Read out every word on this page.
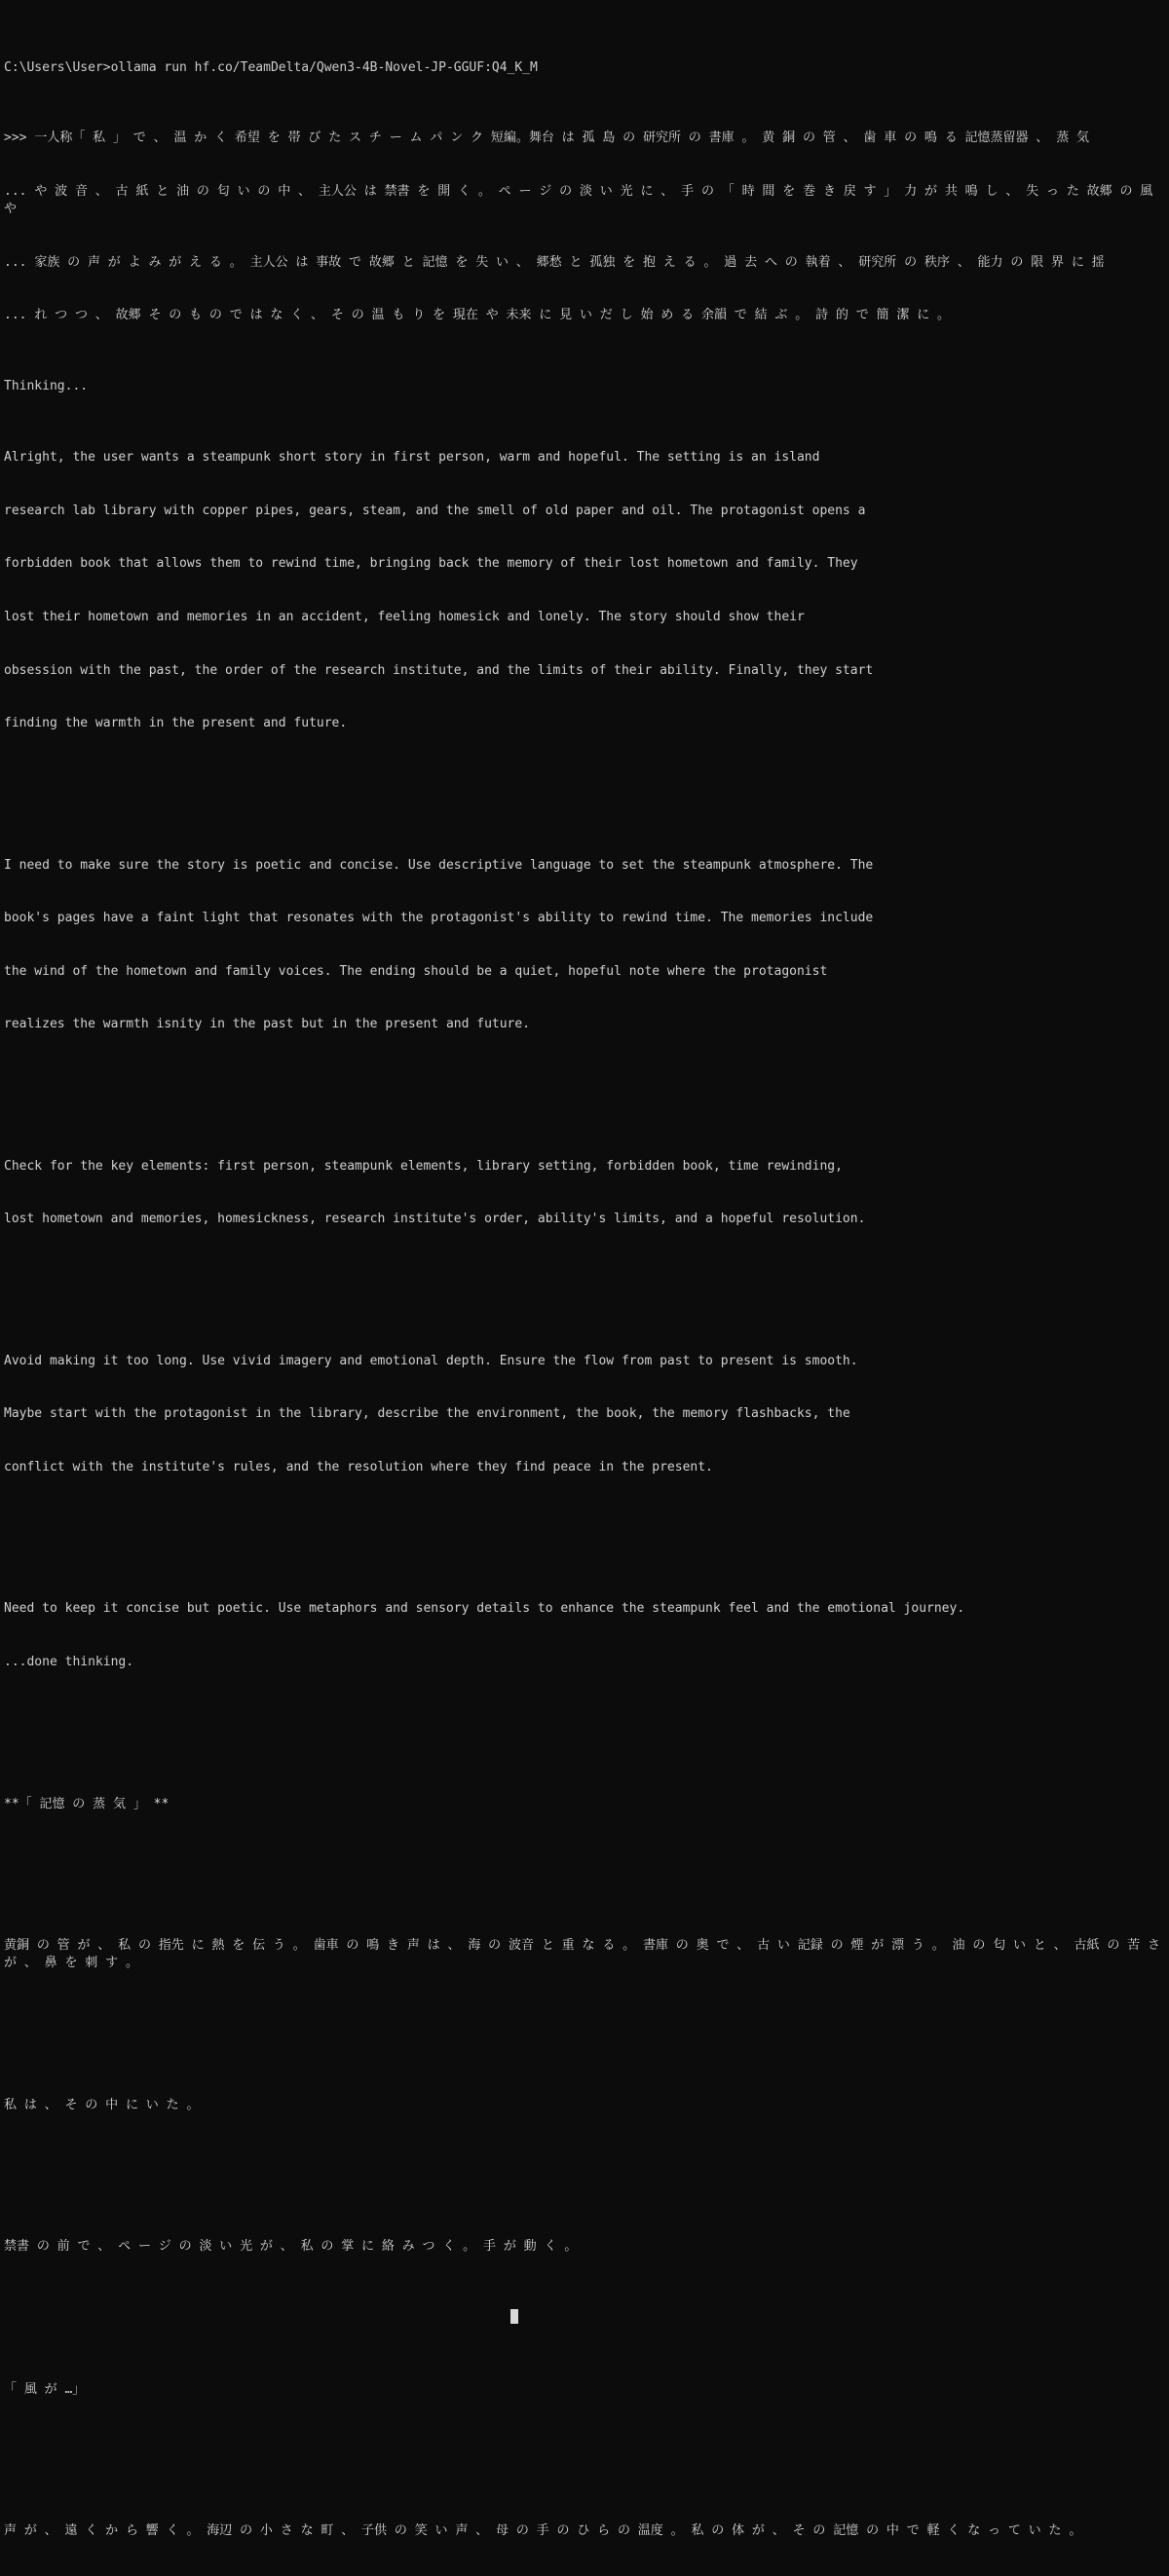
C:\Users\User>ollama run hf.co/TeamDelta/Qwen3-4B-Novel-JP-GGUF:Q4_K_M

>>> 一人称「 私 」 で 、 温 か く 希望 を 帯 び た ス チ ー ム パ ン ク 短編。舞台 は 孤 島 の 研究所 の 書庫 。 黄 銅 の 管 、 歯 車 の 鳴 る 記憶蒸留器 、 蒸 気

... や 波 音 、 古 紙 と 油 の 匂 い の 中 、 主人公 は 禁書 を 開 く 。 ペ ー ジ の 淡 い 光 に 、 手 の 「 時 間 を 巻 き 戻 す 」 力 が 共 鳴 し 、 失 っ た 故郷 の 風 や

... 家族 の 声 が よ み が え る 。 主人公 は 事故 で 故郷 と 記憶 を 失 い 、 郷愁 と 孤独 を 抱 え る 。 過 去 へ の 執着 、 研究所 の 秩序 、 能力 の 限 界 に 揺

... れ つ つ 、 故郷 そ の も の で は な く 、 そ の 温 も り を 現在 や 未来 に 見 い だ し 始 め る 余韻 で 結 ぶ 。 詩 的 で 簡 潔 に 。

Thinking...

Alright, the user wants a steampunk short story in first person, warm and hopeful. The setting is an island

research lab library with copper pipes, gears, steam, and the smell of old paper and oil. The protagonist opens a

forbidden book that allows them to rewind time, bringing back the memory of their lost hometown and family. They

lost their hometown and memories in an accident, feeling homesick and lonely. The story should show their

obsession with the past, the order of the research institute, and the limits of their ability. Finally, they start

finding the warmth in the present and future.

I need to make sure the story is poetic and concise. Use descriptive language to set the steampunk atmosphere. The

book's pages have a faint light that resonates with the protagonist's ability to rewind time. The memories include

the wind of the hometown and family voices. The ending should be a quiet, hopeful note where the protagonist

realizes the warmth isnity in the past but in the present and future.

Check for the key elements: first person, steampunk elements, library setting, forbidden book, time rewinding,

lost hometown and memories, homesickness, research institute's order, ability's limits, and a hopeful resolution.

Avoid making it too long. Use vivid imagery and emotional depth. Ensure the flow from past to present is smooth.

Maybe start with the protagonist in the library, describe the environment, the book, the memory flashbacks, the

conflict with the institute's rules, and the resolution where they find peace in the present.

Need to keep it concise but poetic. Use metaphors and sensory details to enhance the steampunk feel and the emotional journey.

...done thinking.

**「 記憶 の 蒸 気 」 **

黄銅 の 管 が 、 私 の 指先 に 熱 を 伝 う 。 歯車 の 鳴 き 声 は 、 海 の 波音 と 重 な る 。 書庫 の 奥 で 、 古 い 記録 の 煙 が 漂 う 。 油 の 匂 い と 、 古紙 の 苦 さ が 、 鼻 を 刺 す 。

私 は 、 そ の 中 に い た 。

禁書 の 前 で 、 ペ ー ジ の 淡 い 光 が 、 私 の 掌 に 絡 み つ く 。 手 が 動 く 。

「 風 が …」

声 が 、 遠 く か ら 響 く 。 海辺 の 小 さ な 町 、 子供 の 笑 い 声 、 母 の 手 の ひ ら の 温度 。 私 の 体 が 、 そ の 記憶 の 中 で 軽 く な っ て い た 。
